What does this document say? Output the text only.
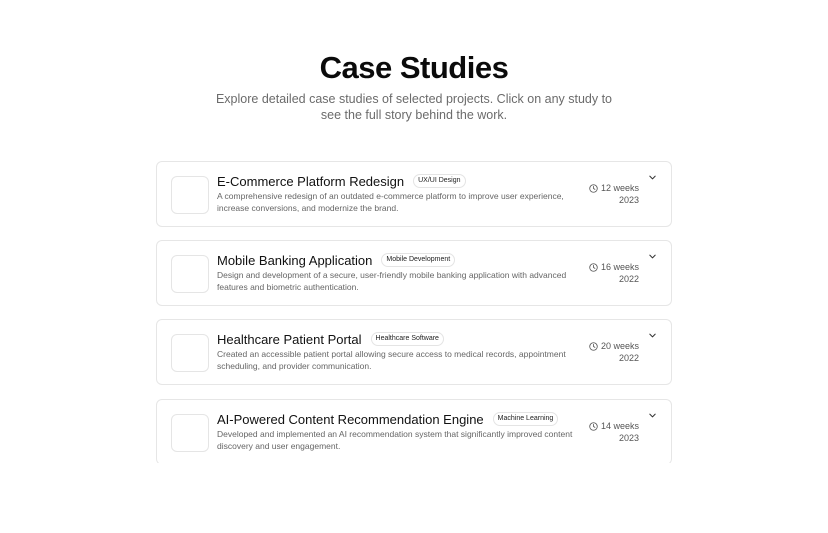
Case Studies

Explore detailed case studies of selected projects. Click on any study to see the full story behind the work.

E-Commerce Platform Redesign	UX/UI Design

A comprehensive redesign of an outdated e-commerce platform to improve user experience, increase conversions, and modernize the brand.

12 weeks
2023
Mobile Banking Application	Mobile Development

Design and development of a secure, user-friendly mobile banking application with advanced features and biometric authentication.

16 weeks
2022
Healthcare Patient Portal	Healthcare Software

Created an accessible patient portal allowing secure access to medical records, appointment scheduling, and provider communication.

20 weeks
2022
AI-Powered Content Recommendation Engine	Machine Learning

Developed and implemented an AI recommendation system that significantly improved content discovery and user engagement.

14 weeks
2023
